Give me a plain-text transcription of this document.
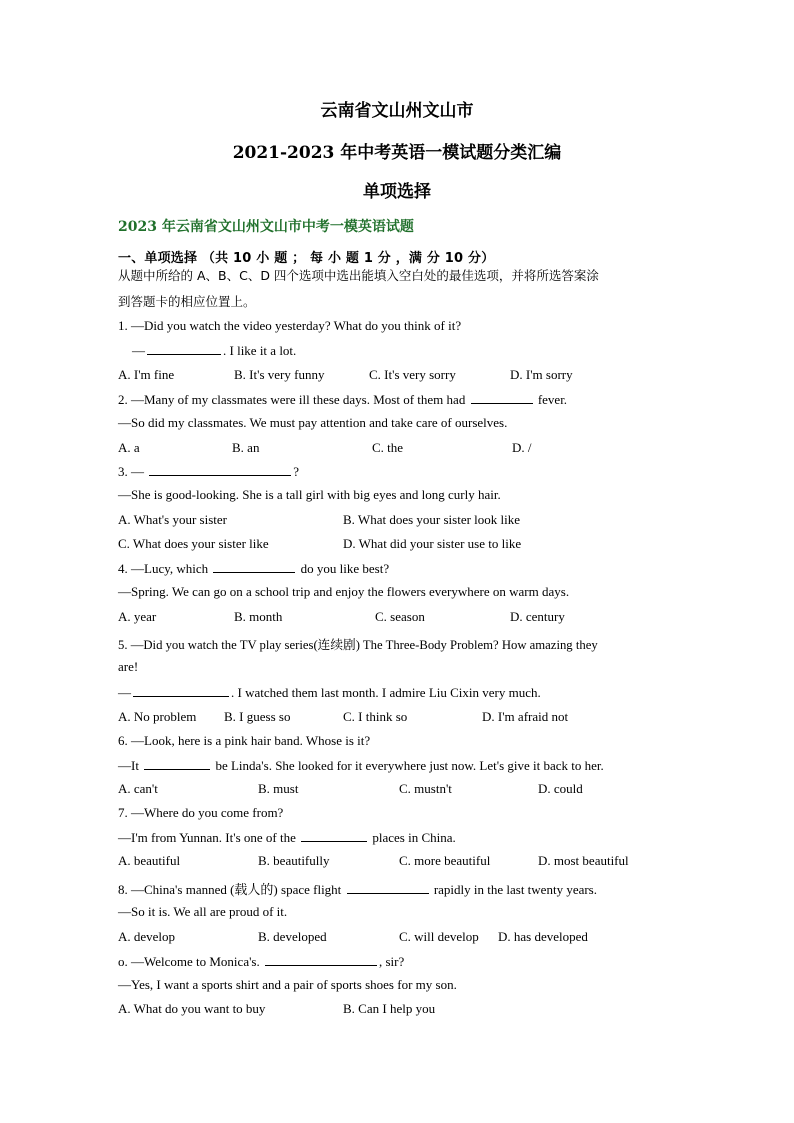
云南省文山州文山市
2021-2023 年中考英语一模试题分类汇编
单项选择
2023 年云南省文山州文山市中考一模英语试题
一、单项选择 （共 10 小 题 ； 每 小 题 1 分 ，满 分 10 分）
从题中所给的 A、B、C、D 四个选项中选出能填入空白处的最佳选项，并将所选答案涂
到答题卡的相应位置上。
1. —Did you watch the video yesterday? What do you think of it?
—	. I like it a lot.
A. I'm fine	B. It's very funny	C. It's very sorry	D. I'm sorry
2. —Many of my classmates were ill these days. Most of them had	fever.
—So did my classmates. We must pay attention and take care of ourselves.
A. a	B. an	C. the	D. /
3. —	?
—She is good-looking. She is a tall girl with big eyes and long curly hair.
A. What's your sister	B. What does your sister look like
C. What does your sister like	D. What did your sister use to like
4. —Lucy, which	do you like best?
—Spring. We can go on a school trip and enjoy the flowers everywhere on warm days.
A. year	B. month	C. season	D. century
5. —Did you watch the TV play series(连续剧) The Three-Body Problem? How amazing they
are!
—	. I watched them last month. I admire Liu Cixin very much.
A. No problem B. I guess so	C. I think so	D. I'm afraid not
6. —Look, here is a pink hair band. Whose is it?
—It	be Linda's. She looked for it everywhere just now. Let's give it back to her.
A. can't	B. must	C. mustn't	D. could
7. —Where do you come from?
—I'm from Yunnan. It's one of the	places in China.
A. beautiful	B. beautifully	C. more beautiful	D. most beautiful
8. —China's manned (载人的) space flight	rapidly in the last twenty years.
—So it is. We all are proud of it.
A. develop	B. developed	C. will develop D. has developed
o. —Welcome to Monica's.	, sir?
—Yes, I want a sports shirt and a pair of sports shoes for my son.
A. What do you want to buy	B. Can I help you
